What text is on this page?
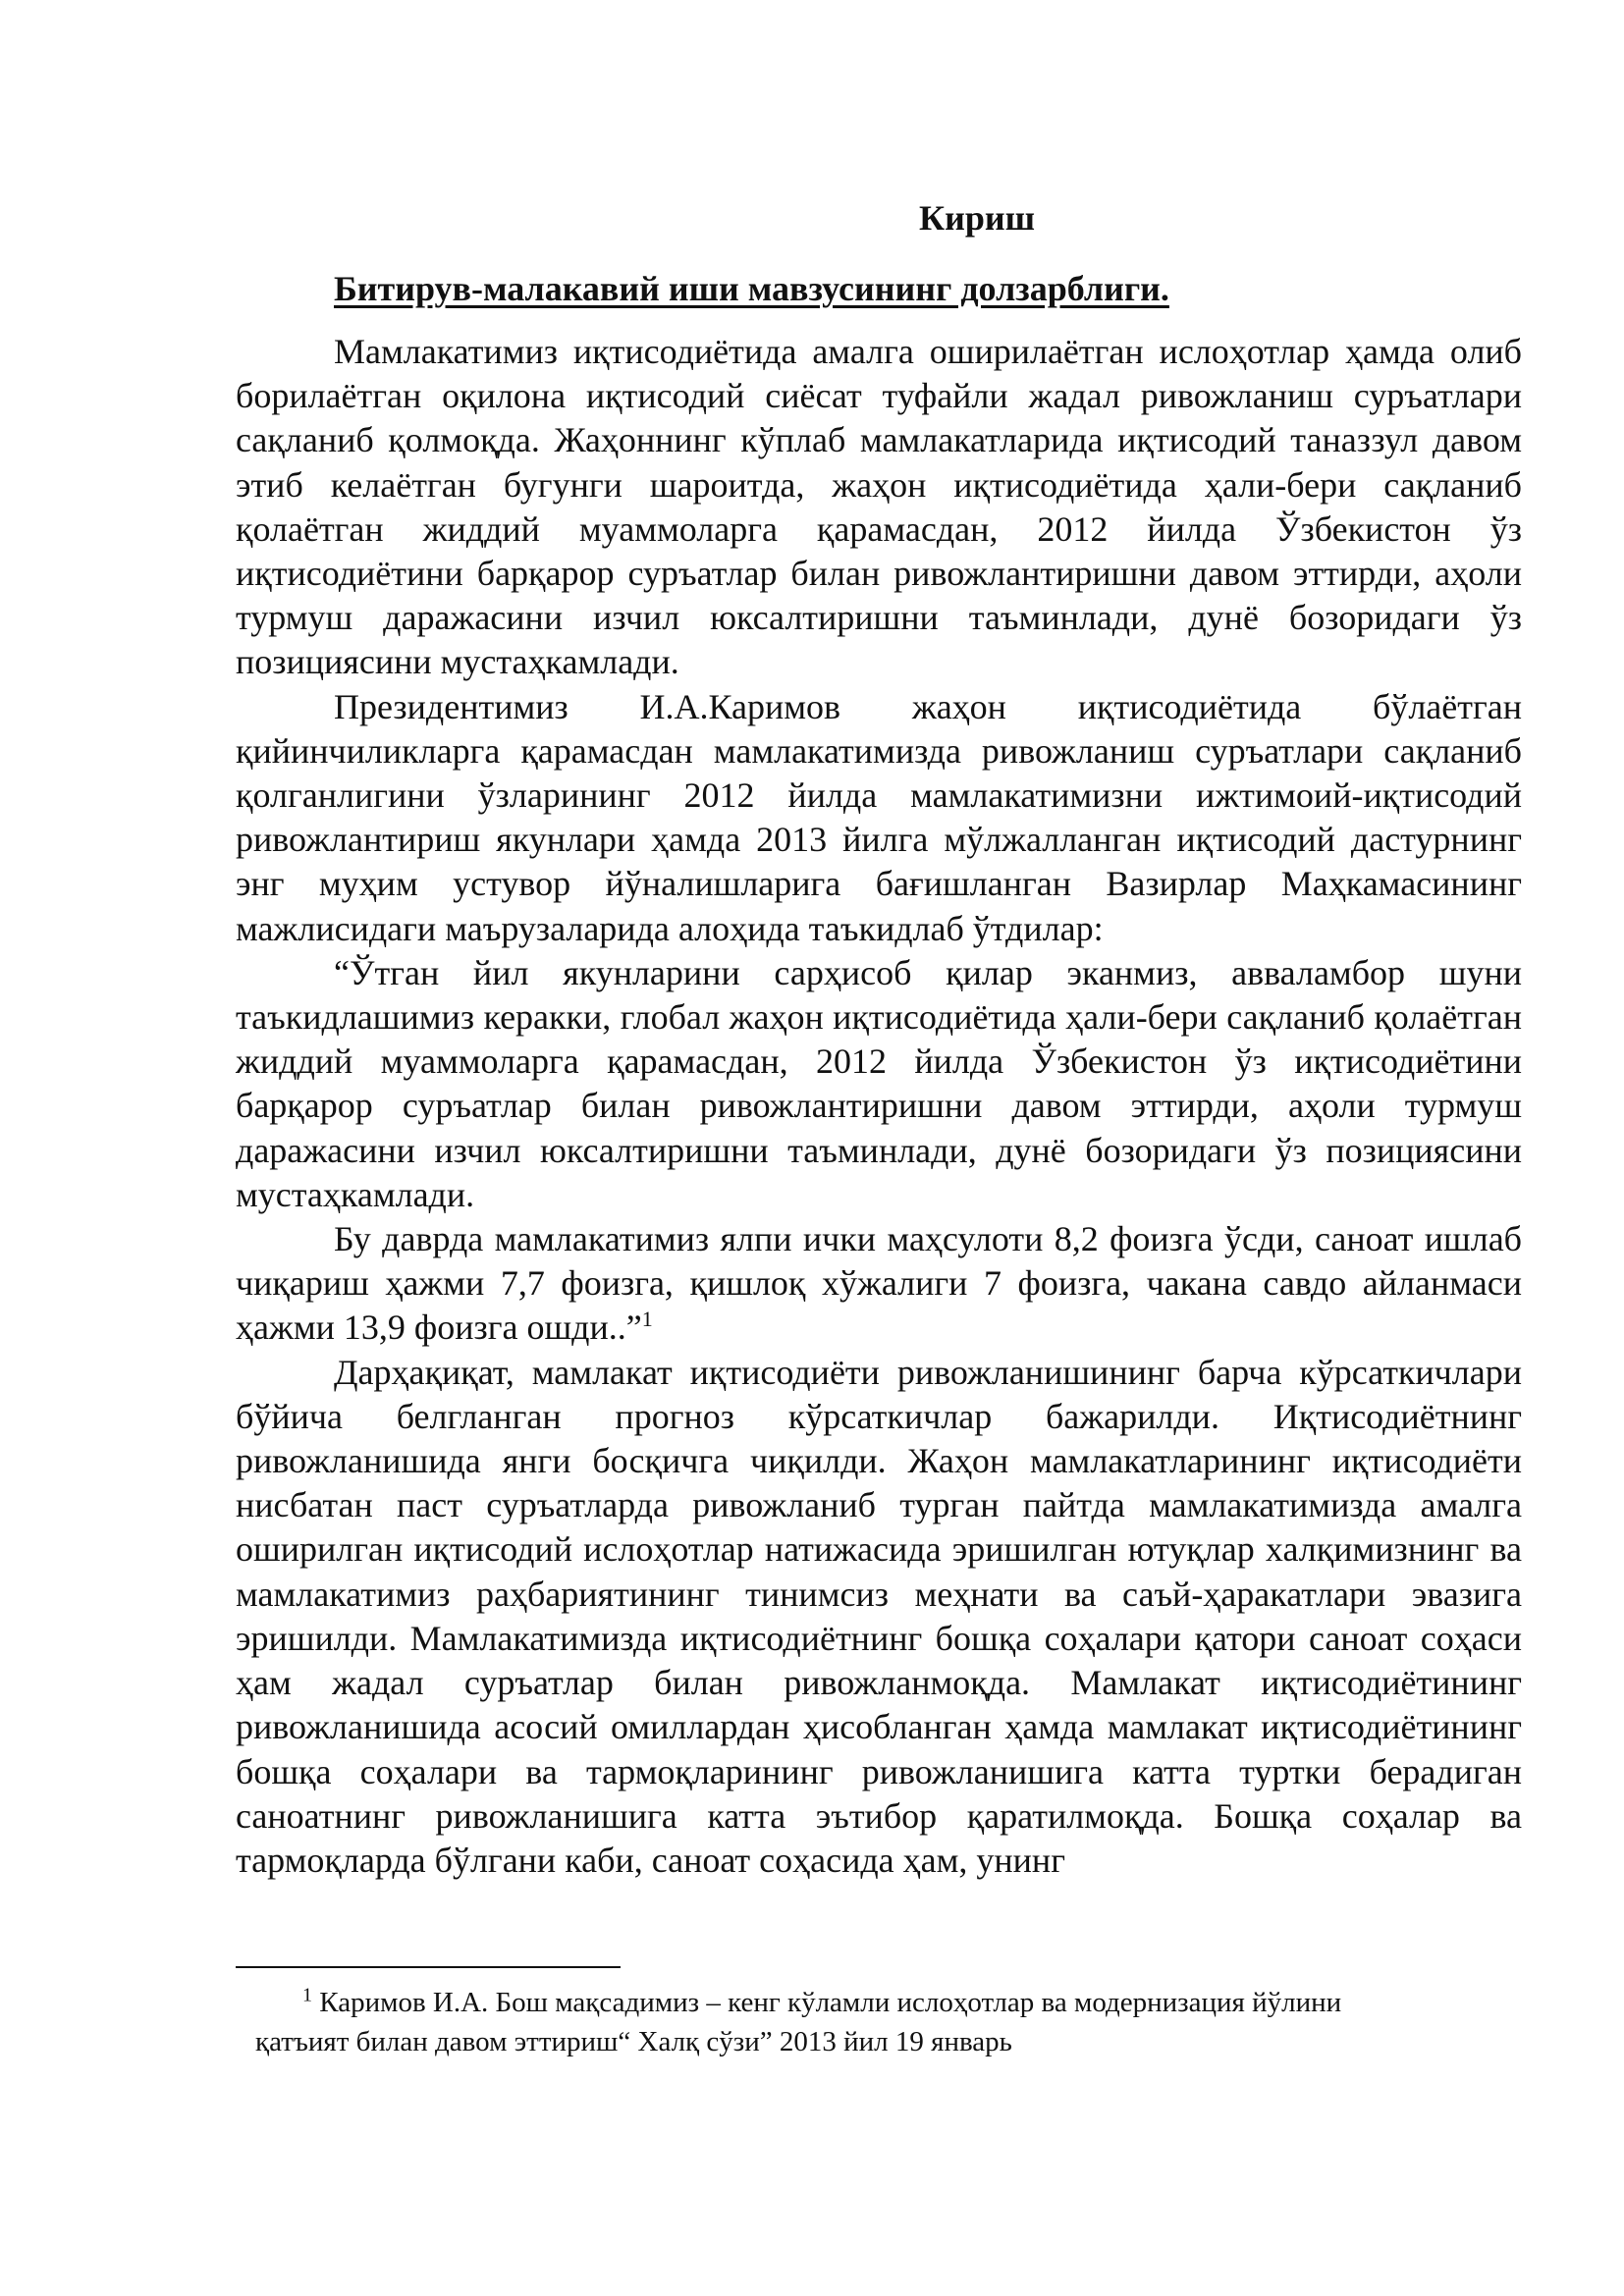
Кириш
Битирув-малакавий иши мавзусининг долзарблиги.

Мамлакатимиз иқтисодиётида амалга оширилаётган ислоҳотлар ҳамда олиб борилаётган оқилона иқтисодий сиёсат туфайли жадал ривожланиш суръатлари сақланиб қолмоқда. Жаҳоннинг кўплаб мамлакатларида иқтисодий таназзул давом этиб келаётган бугунги шароитда, жаҳон иқтисодиётида ҳали-бери сақланиб қолаётган жиддий муаммоларга қарамасдан, 2012 йилда Ўзбекистон ўз иқтисодиётини барқарор суръатлар билан ривожлантиришни давом эттирди, аҳоли турмуш даражасини изчил юксалтиришни таъминлади, дунё бозоридаги ўз позициясини мустаҳкамлади.

Президентимиз И.А.Каримов жаҳон иқтисодиётида бўлаётган қийинчиликларга қарамасдан мамлакатимизда ривожланиш суръатлари сақланиб қолганлигини ўзларининг 2012 йилда мамлакатимизни ижтимоий-иқтисодий ривожлантириш якунлари ҳамда 2013 йилга мўлжалланган иқтисодий дастурнинг энг муҳим устувор йўналишларига бағишланган Вазирлар Маҳкамасининг мажлисидаги маърузаларида алоҳида таъкидлаб ўтдилар:

“Ўтган йил якунларини сарҳисоб қилар эканмиз, авваламбор шуни таъкидлашимиз керакки, глобал жаҳон иқтисодиётида ҳали-бери сақланиб қолаётган жиддий муаммоларга қарамасдан, 2012 йилда Ўзбекистон ўз иқтисодиётини барқарор суръатлар билан ривожлантиришни давом эттирди, аҳоли турмуш даражасини изчил юксалтиришни таъминлади, дунё бозоридаги ўз позициясини мустаҳкамлади.

Бу даврда мамлакатимиз ялпи ички маҳсулоти 8,2 фоизга ўсди, саноат ишлаб чиқариш ҳажми 7,7 фоизга, қишлоқ хўжалиги 7 фоизга, чакана савдо айланмаси ҳажми 13,9 фоизга ошди..”$^1$

Дарҳақиқат, мамлакат иқтисодиёти ривожланишининг барча кўрсаткичлари бўйича белгланган прогноз кўрсаткичлар бажарилди. Иқтисодиётнинг ривожланишида янги босқичга чиқилди. Жаҳон мамлакатларининг иқтисодиёти нисбатан паст суръатларда ривожланиб турган пайтда мамлакатимизда амалга оширилган иқтисодий ислоҳотлар натижасида эришилган ютуқлар халқимизнинг ва мамлакатимиз раҳбариятининг тинимсиз меҳнати ва саъй-ҳаракатлари эвазига эришилди. Мамлакатимизда иқтисодиётнинг бошқа соҳалари қатори саноат соҳаси ҳам жадал суръатлар билан ривожланмоқда. Мамлакат иқтисодиётининг ривожланишида асосий омиллардан ҳисобланган ҳамда мамлакат иқтисодиётининг бошқа соҳалари ва тармоқларининг ривожланишига катта туртки берадиган саноатнинг ривожланишига катта эътибор қаратилмоқда. Бошқа соҳалар ва тармоқларда бўлгани каби, саноат соҳасида ҳам, унинг

$^1$ Каримов И.А. Бош мақсадимиз – кенг кўламли ислоҳотлар ва модернизация йўлини
қатъият билан давом эттириш“ Халқ сўзи” 2013 йил 19 январь
